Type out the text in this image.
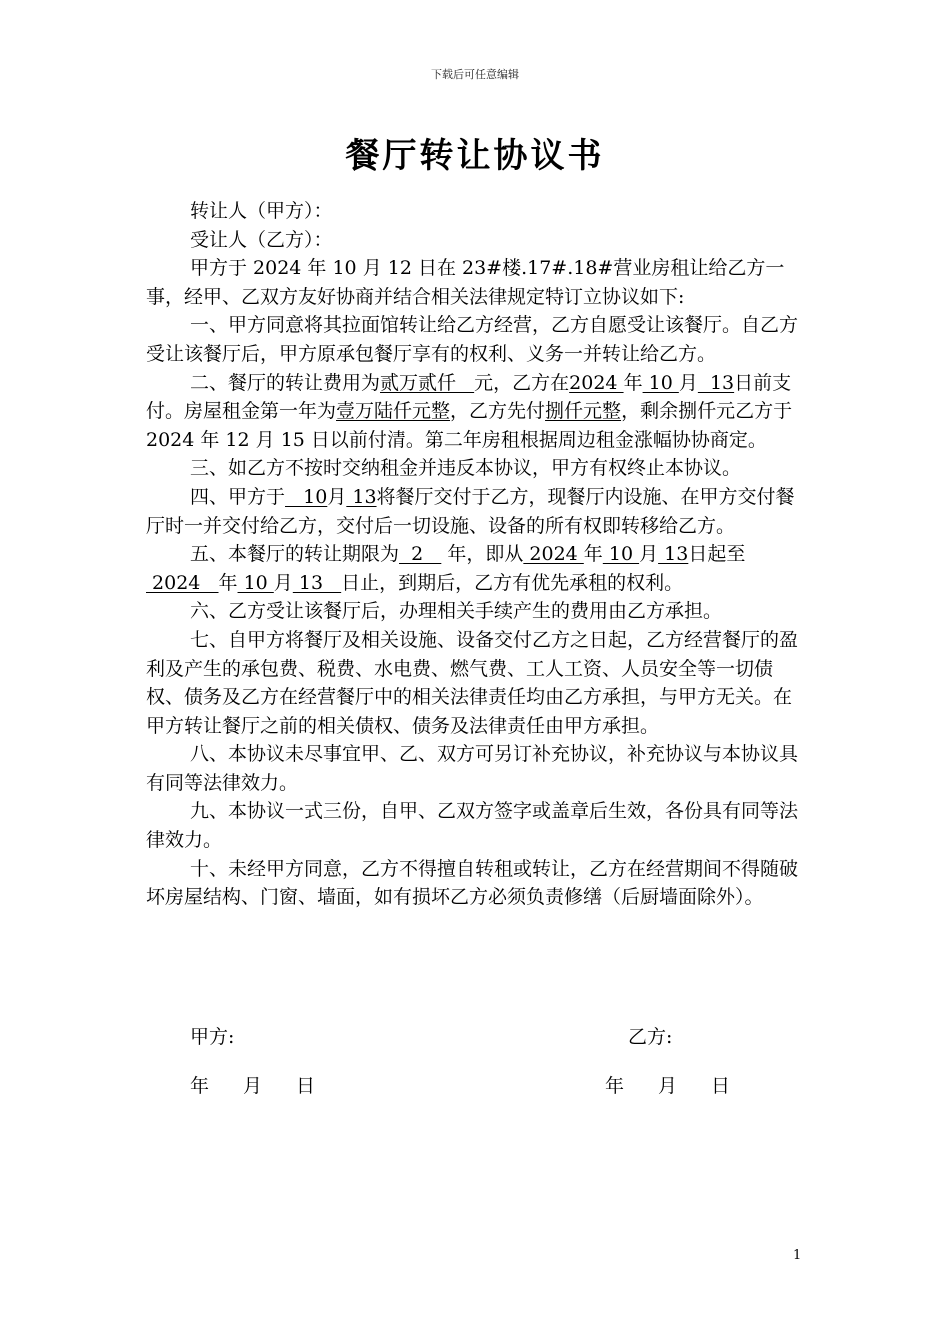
下载后可任意编辑
餐厅转让协议书

转让人（甲方）：

受让人（乙方）：

甲方于 2024 年 10 月 12 日在 23#楼.17#.18#营业房租让给乙方一事，经甲、乙双方友好协商并结合相关法律规定特订立协议如下:

一、甲方同意将其拉面馆转让给乙方经营，乙方自愿受让该餐厅。自乙方受让该餐厅后，甲方原承包餐厅享有的权利、义务一并转让给乙方。

二、餐厅的转让费用为贰万贰仟   元，乙方在2024 年 10 月  13日前支付。房屋租金第一年为壹万陆仟元整，乙方先付捌仟元整，剩余捌仟元乙方于 2024 年 12 月 15 日以前付清。第二年房租根据周边租金涨幅协协商定。

三、如乙方不按时交纳租金并违反本协议，甲方有权终止本协议。

四、甲方于   10月 13将餐厅交付于乙方，现餐厅内设施、在甲方交付餐厅时一并交付给乙方，交付后一切设施、设备的所有权即转移给乙方。

五、本餐厅的转让期限为  2    年，即从 2024 年 10 月 13日起至 2024   年 10 月 13   日止，到期后，乙方有优先承租的权利。

六、乙方受让该餐厅后，办理相关手续产生的费用由乙方承担。

七、自甲方将餐厅及相关设施、设备交付乙方之日起，乙方经营餐厅的盈利及产生的承包费、税费、水电费、燃气费、工人工资、人员安全等一切债权、债务及乙方在经营餐厅中的相关法律责任均由乙方承担，与甲方无关。在甲方转让餐厅之前的相关债权、债务及法律责任由甲方承担。

八、本协议未尽事宜甲、乙、双方可另订补充协议，补充协议与本协议具有同等法律效力。

九、本协议一式三份，自甲、乙双方签字或盖章后生效，各份具有同等法律效力。

十、未经甲方同意，乙方不得擅自转租或转让，乙方在经营期间不得随破坏房屋结构、门窗、墙面，如有损坏乙方必须负责修缮（后厨墙面除外）。

甲方:	乙方:
年 月 日	年 月 日
1
